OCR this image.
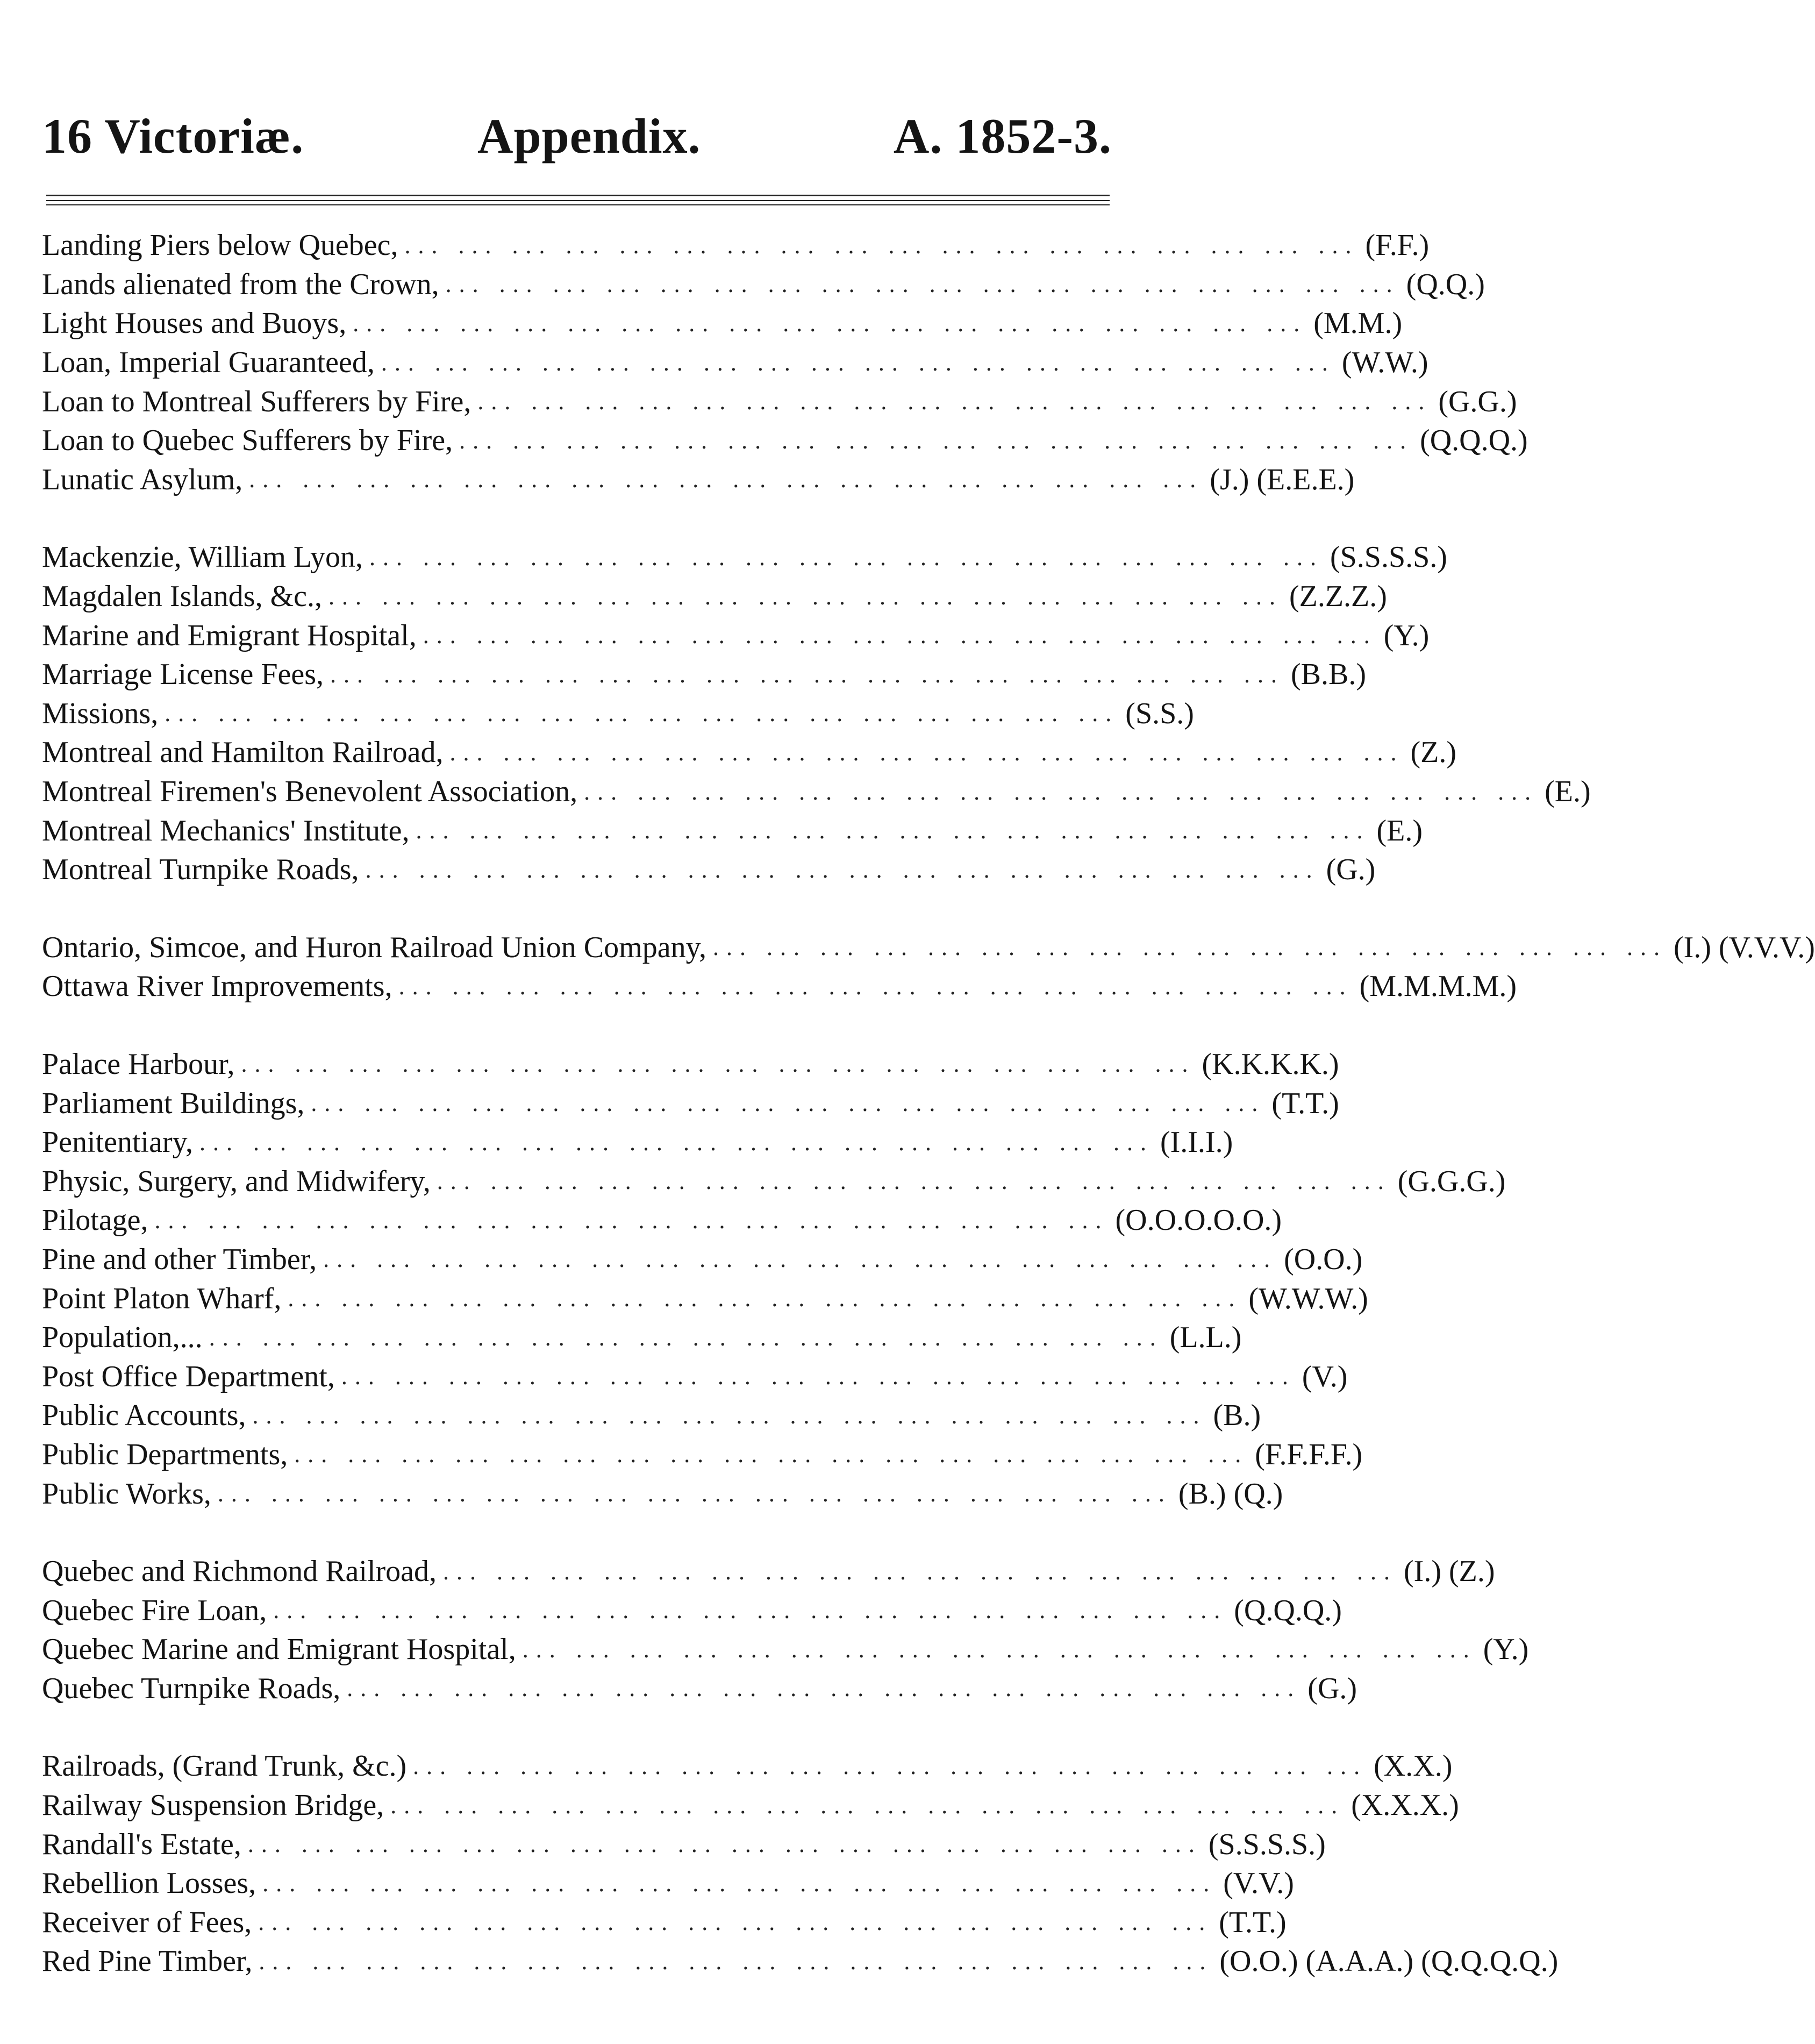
16 Victoriæ.	Appendix.	A. 1852-3.
Landing Piers below Quebec, ... ... ... ... ... ... ... ... ... ... ... ... ... ... ... ... ... ... (F.F.)
Lands alienated from the Crown, ... ... ... ... ... ... ... ... ... ... ... ... ... ... ... ... ... ... (Q.Q.)
Light Houses and Buoys, ... ... ... ... ... ... ... ... ... ... ... ... ... ... ... ... ... ... (M.M.)
Loan, Imperial Guaranteed, ... ... ... ... ... ... ... ... ... ... ... ... ... ... ... ... ... ... (W.W.)
Loan to Montreal Sufferers by Fire, ... ... ... ... ... ... ... ... ... ... ... ... ... ... ... ... ... ... (G.G.)
Loan to Quebec Sufferers by Fire, ... ... ... ... ... ... ... ... ... ... ... ... ... ... ... ... ... ... (Q.Q.Q.)
Lunatic Asylum, ... ... ... ... ... ... ... ... ... ... ... ... ... ... ... ... ... ... (J.) (E.E.E.)
Mackenzie, William Lyon, ... ... ... ... ... ... ... ... ... ... ... ... ... ... ... ... ... ... (S.S.S.S.)
Magdalen Islands, &c., ... ... ... ... ... ... ... ... ... ... ... ... ... ... ... ... ... ... (Z.Z.Z.)
Marine and Emigrant Hospital, ... ... ... ... ... ... ... ... ... ... ... ... ... ... ... ... ... ... (Y.)
Marriage License Fees, ... ... ... ... ... ... ... ... ... ... ... ... ... ... ... ... ... ... (B.B.)
Missions, ... ... ... ... ... ... ... ... ... ... ... ... ... ... ... ... ... ... (S.S.)
Montreal and Hamilton Railroad, ... ... ... ... ... ... ... ... ... ... ... ... ... ... ... ... ... ... (Z.)
Montreal Firemen's Benevolent Association, ... ... ... ... ... ... ... ... ... ... ... ... ... ... ... ... ... ... (E.)
Montreal Mechanics' Institute, ... ... ... ... ... ... ... ... ... ... ... ... ... ... ... ... ... ... (E.)
Montreal Turnpike Roads, ... ... ... ... ... ... ... ... ... ... ... ... ... ... ... ... ... ... (G.)
Ontario, Simcoe, and Huron Railroad Union Company, ... ... ... ... ... ... ... ... ... ... ... ... ... ... ... ... ... ... (I.) (V.V.V.)
Ottawa River Improvements, ... ... ... ... ... ... ... ... ... ... ... ... ... ... ... ... ... ... (M.M.M.M.)
Palace Harbour, ... ... ... ... ... ... ... ... ... ... ... ... ... ... ... ... ... ... (K.K.K.K.)
Parliament Buildings, ... ... ... ... ... ... ... ... ... ... ... ... ... ... ... ... ... ... (T.T.)
Penitentiary, ... ... ... ... ... ... ... ... ... ... ... ... ... ... ... ... ... ... (I.I.I.)
Physic, Surgery, and Midwifery, ... ... ... ... ... ... ... ... ... ... ... ... ... ... ... ... ... ... (G.G.G.)
Pilotage, ... ... ... ... ... ... ... ... ... ... ... ... ... ... ... ... ... ... (O.O.O.O.O.)
Pine and other Timber, ... ... ... ... ... ... ... ... ... ... ... ... ... ... ... ... ... ... (O.O.)
Point Platon Wharf, ... ... ... ... ... ... ... ... ... ... ... ... ... ... ... ... ... ... (W.W.W.)
Population,... ... ... ... ... ... ... ... ... ... ... ... ... ... ... ... ... ... ... (L.L.)
Post Office Department, ... ... ... ... ... ... ... ... ... ... ... ... ... ... ... ... ... ... (V.)
Public Accounts, ... ... ... ... ... ... ... ... ... ... ... ... ... ... ... ... ... ... (B.)
Public Departments, ... ... ... ... ... ... ... ... ... ... ... ... ... ... ... ... ... ... (F.F.F.F.)
Public Works, ... ... ... ... ... ... ... ... ... ... ... ... ... ... ... ... ... ... (B.) (Q.)
Quebec and Richmond Railroad, ... ... ... ... ... ... ... ... ... ... ... ... ... ... ... ... ... ... (I.) (Z.)
Quebec Fire Loan, ... ... ... ... ... ... ... ... ... ... ... ... ... ... ... ... ... ... (Q.Q.Q.)
Quebec Marine and Emigrant Hospital, ... ... ... ... ... ... ... ... ... ... ... ... ... ... ... ... ... ... (Y.)
Quebec Turnpike Roads, ... ... ... ... ... ... ... ... ... ... ... ... ... ... ... ... ... ... (G.)
Railroads, (Grand Trunk, &c.) ... ... ... ... ... ... ... ... ... ... ... ... ... ... ... ... ... ... (X.X.)
Railway Suspension Bridge, ... ... ... ... ... ... ... ... ... ... ... ... ... ... ... ... ... ... (X.X.X.)
Randall's Estate, ... ... ... ... ... ... ... ... ... ... ... ... ... ... ... ... ... ... (S.S.S.S.)
Rebellion Losses, ... ... ... ... ... ... ... ... ... ... ... ... ... ... ... ... ... ... (V.V.)
Receiver of Fees, ... ... ... ... ... ... ... ... ... ... ... ... ... ... ... ... ... ... (T.T.)
Red Pine Timber, ... ... ... ... ... ... ... ... ... ... ... ... ... ... ... ... ... ... (O.O.) (A.A.A.) (Q.Q.Q.Q.)
